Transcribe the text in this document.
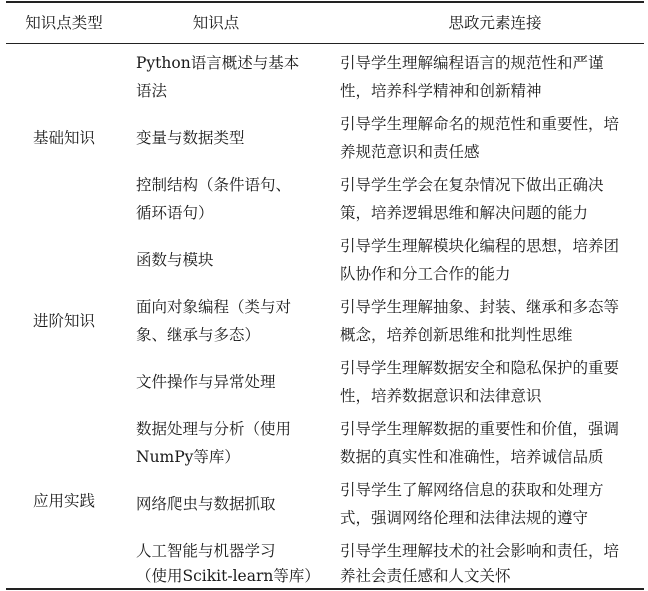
知识点类型	知识点	思政元素连接
基础知识
进阶知识
应用实践
Python语言概述与基本
语法
引导学生理解编程语言的规范性和严谨
性，培养科学精神和创新精神
变量与数据类型
引导学生理解命名的规范性和重要性，培
养规范意识和责任感
控制结构（条件语句、
循环语句）
引导学生学会在复杂情况下做出正确决
策，培养逻辑思维和解决问题的能力
函数与模块
引导学生理解模块化编程的思想，培养团
队协作和分工合作的能力
面向对象编程（类与对
象、继承与多态）
引导学生理解抽象、封装、继承和多态等
概念，培养创新思维和批判性思维
文件操作与异常处理
引导学生理解数据安全和隐私保护的重要
性，培养数据意识和法律意识
数据处理与分析（使用
NumPy等库）
引导学生理解数据的重要性和价值，强调
数据的真实性和准确性，培养诚信品质
网络爬虫与数据抓取
引导学生了解网络信息的获取和处理方
式，强调网络伦理和法律法规的遵守
人工智能与机器学习
（使用Scikit-learn等库）
引导学生理解技术的社会影响和责任，培
养社会责任感和人文关怀
